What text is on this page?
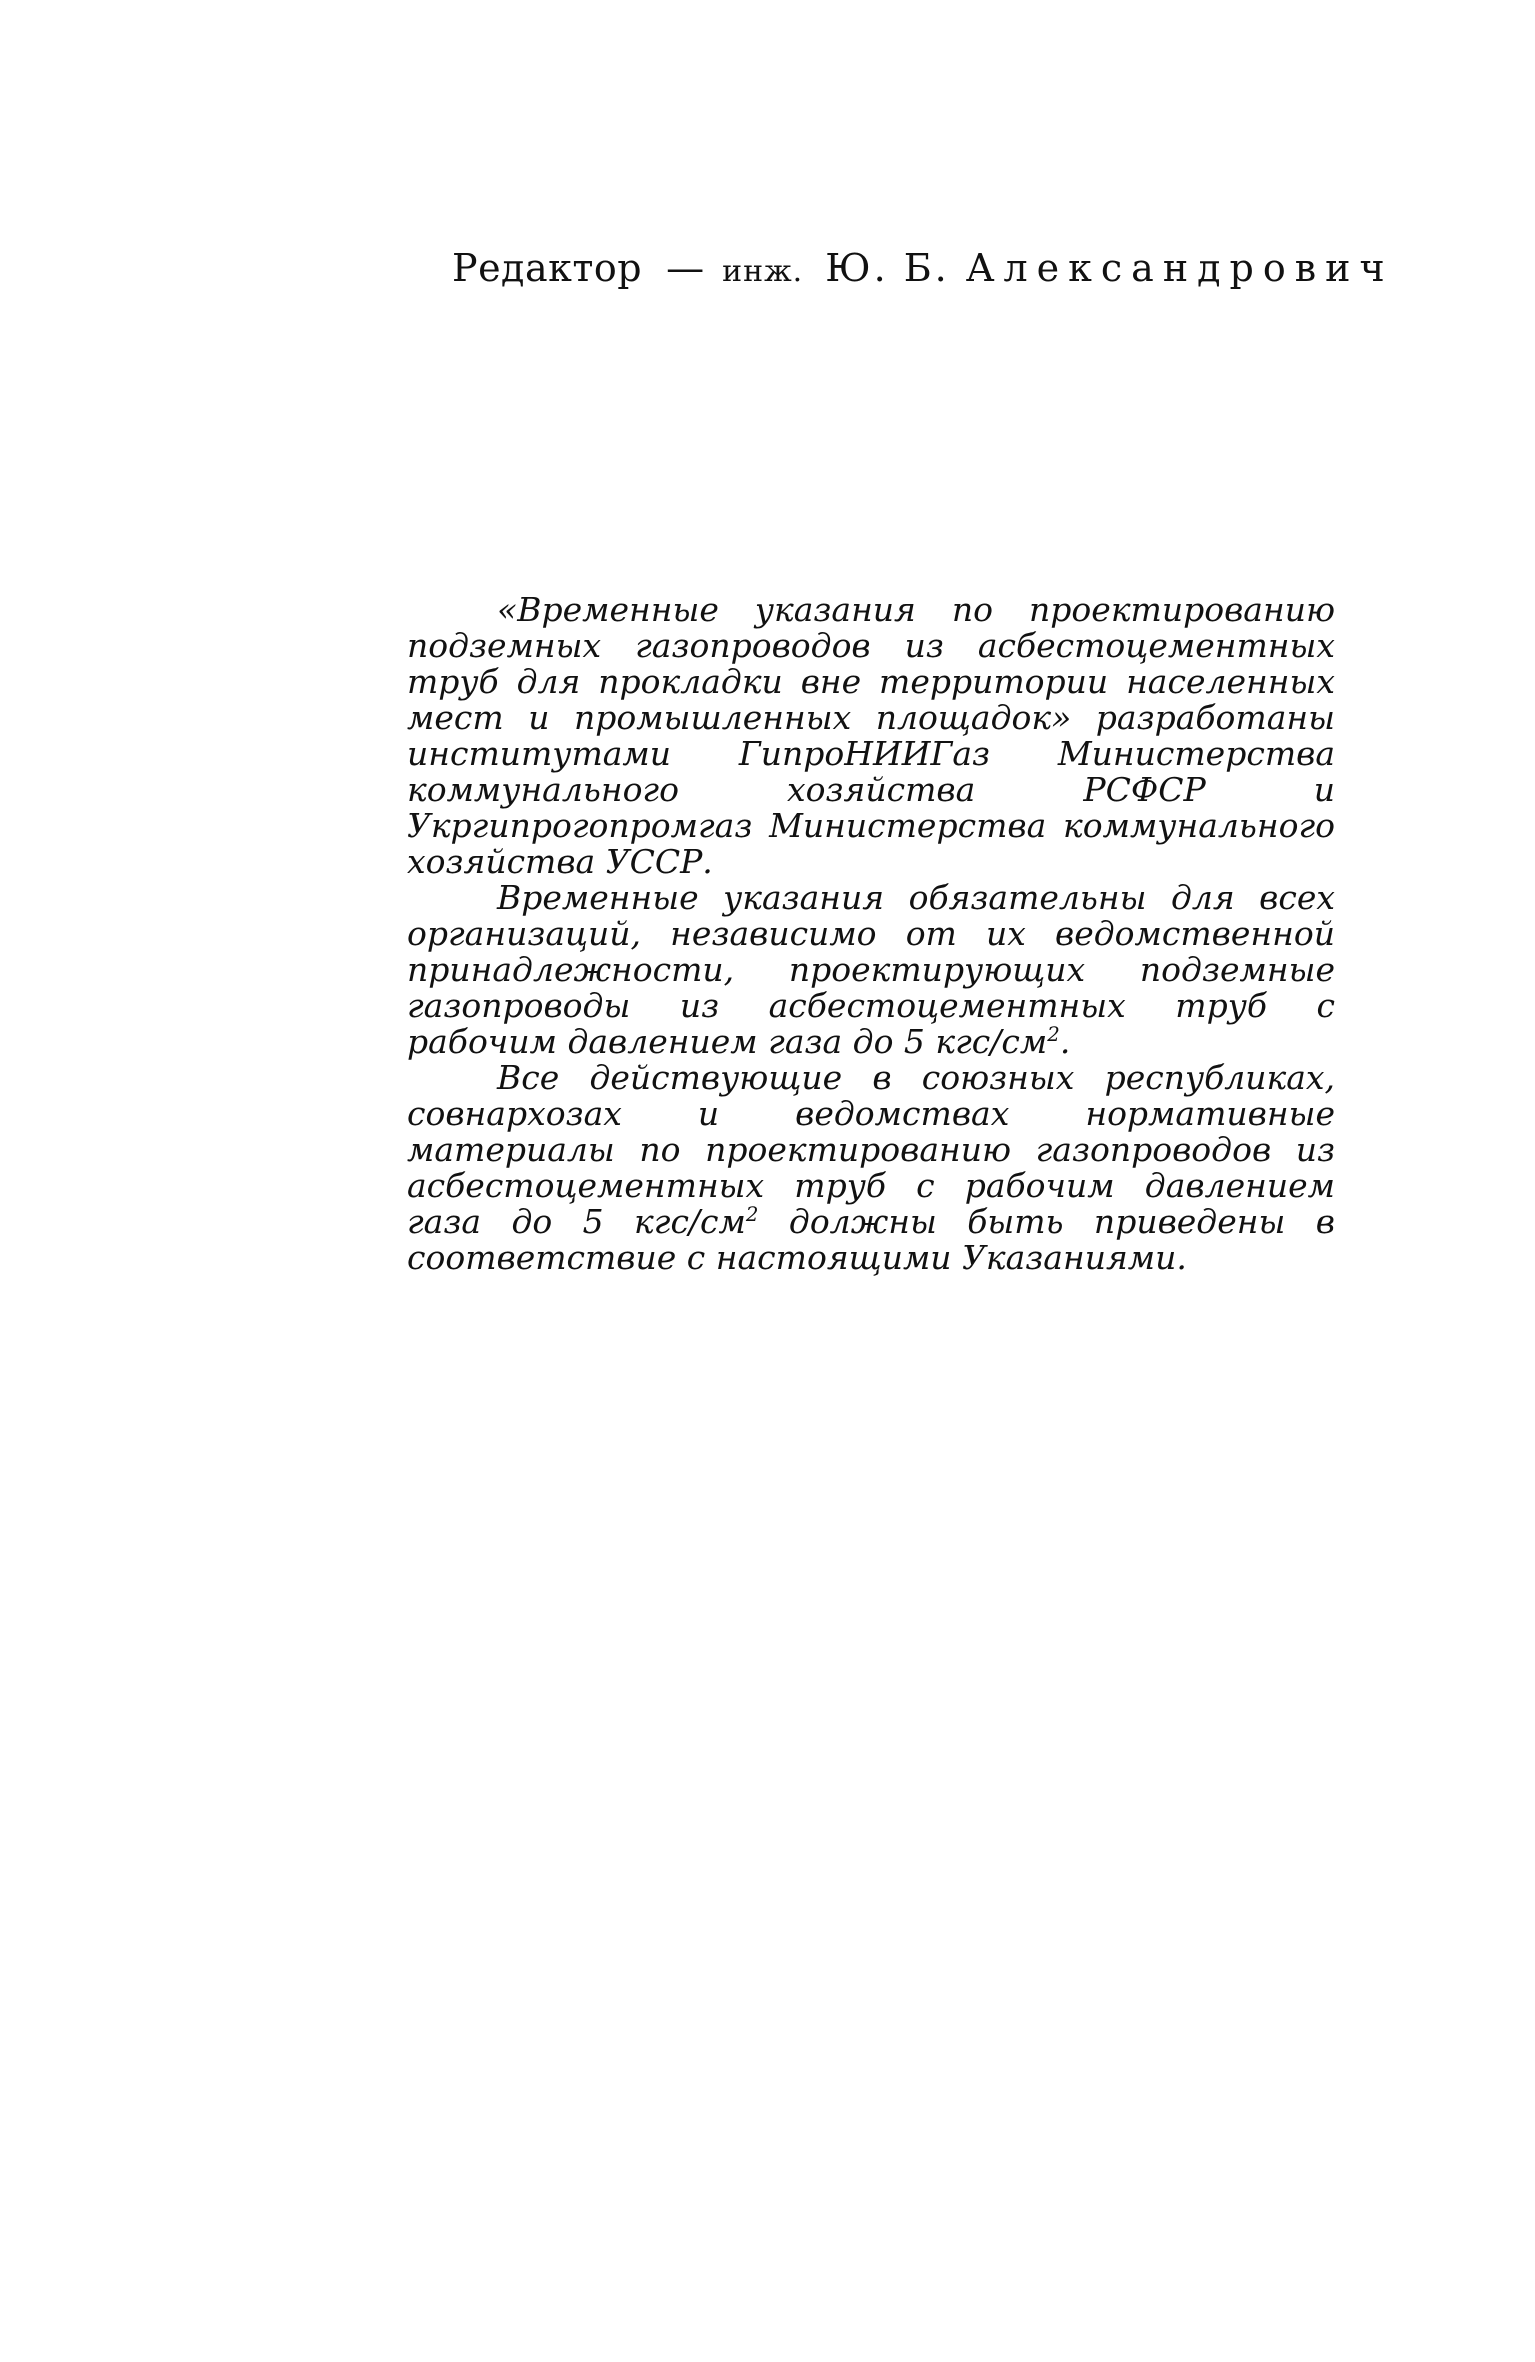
Редактор — инж. Ю. Б. Александрович

«Временные указания по проектированию подземных газопроводов из асбестоцементных труб для прокладки вне территории населенных мест и промышленных площадок» разработаны институтами ГипроНИИГаз Министерства коммунального хозяйства РСФСР и Укргипрогопромгаз Министерства коммунального хозяйства УССР.

Временные указания обязательны для всех организаций, независимо от их ведомственной принадлежности, проектирующих подземные газопроводы из асбестоцементных труб с рабочим давлением газа до 5 кгс/$см^2$.

Все действующие в союзных республиках, совнархозах и ведомствах нормативные материалы по проектированию газопроводов из асбестоцементных труб с рабочим давлением газа до 5 кгс/$см^2$ должны быть приведены в соответствие с настоящими Указаниями.
